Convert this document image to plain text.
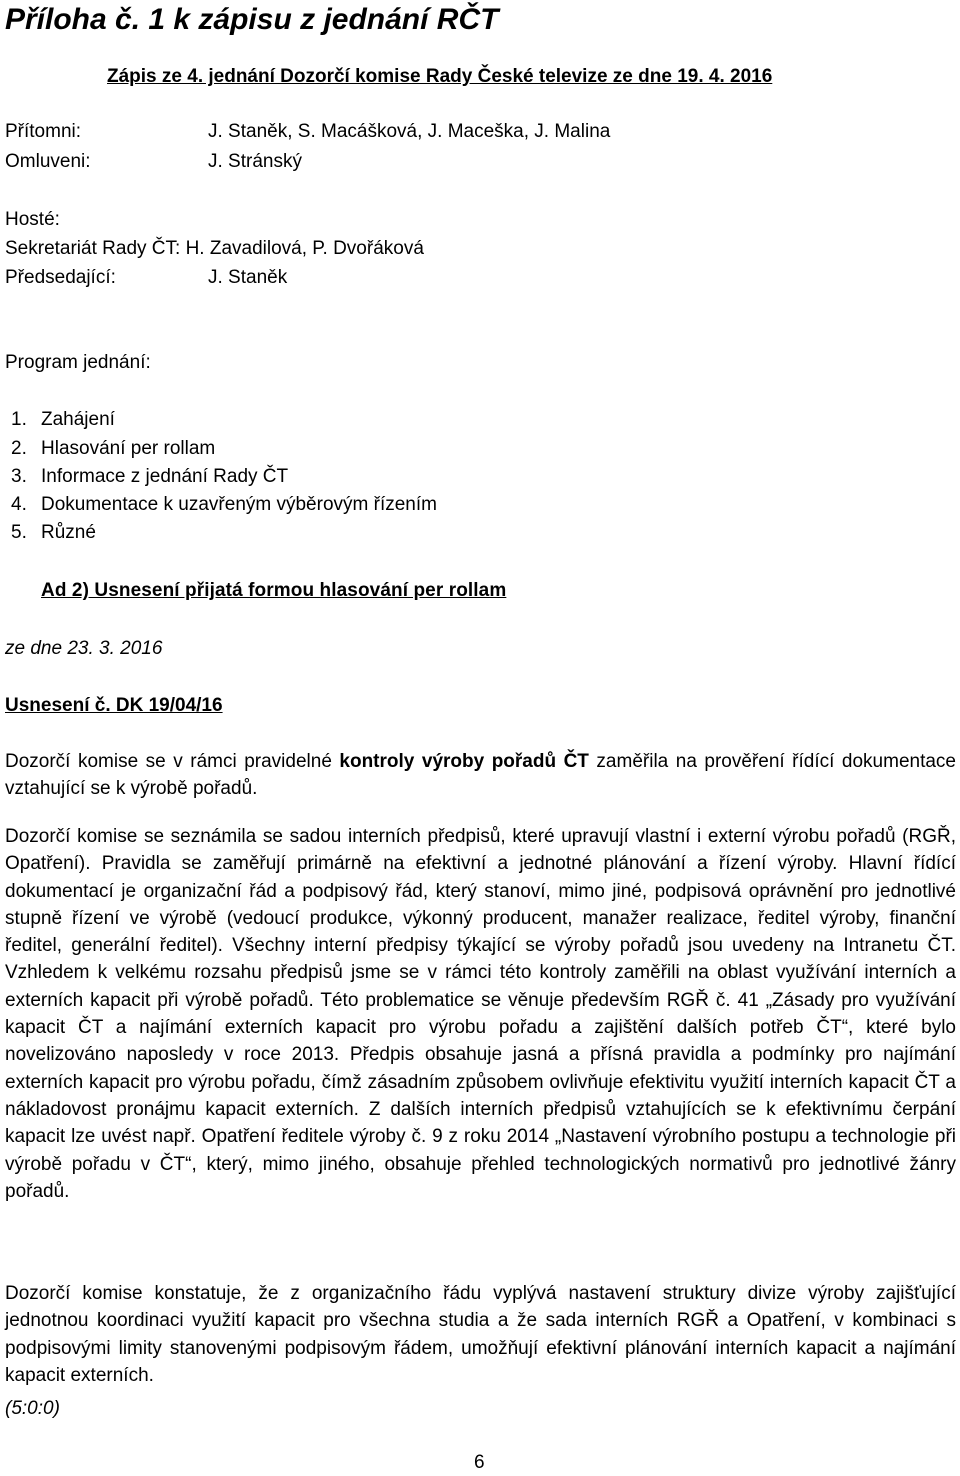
Příloha č. 1 k zápisu z jednání RČT
Zápis ze 4. jednání Dozorčí komise Rady České televize ze dne 19. 4. 2016
Přítomni:	J. Staněk, S. Macášková, J. Maceška, J. Malina
Omluveni:	J. Stránský
Hosté:
Sekretariát Rady ČT: H. Zavadilová, P. Dvořáková
Předsedající:	J. Staněk
Program jednání:
1. Zahájení
2. Hlasování per rollam
3. Informace z jednání Rady ČT
4. Dokumentace k uzavřeným výběrovým řízením
5. Různé
Ad 2) Usnesení přijatá formou hlasování per rollam
ze dne 23. 3. 2016
Usnesení č. DK 19/04/16
Dozorčí komise se v rámci pravidelné kontroly výroby pořadů ČT zaměřila na prověření řídící dokumentace vztahující se k výrobě pořadů.
Dozorčí komise se seznámila se sadou interních předpisů, které upravují vlastní i externí výrobu pořadů (RGŘ, Opatření). Pravidla se zaměřují primárně na efektivní a jednotné plánování a řízení výroby. Hlavní řídící dokumentací je organizační řád a podpisový řád, který stanoví, mimo jiné, podpisová oprávnění pro jednotlivé stupně řízení ve výrobě (vedoucí produkce, výkonný producent, manažer realizace, ředitel výroby, finanční ředitel, generální ředitel). Všechny interní předpisy týkající se výroby pořadů jsou uvedeny na Intranetu ČT. Vzhledem k velkému rozsahu předpisů jsme se v rámci této kontroly zaměřili na oblast využívání interních a externích kapacit při výrobě pořadů. Této problematice se věnuje především RGŘ č. 41 „Zásady pro využívání kapacit ČT a najímání externích kapacit pro výrobu pořadu a zajištění dalších potřeb ČT“, které bylo novelizováno naposledy v roce 2013. Předpis obsahuje jasná a přísná pravidla a podmínky pro najímání externích kapacit pro výrobu pořadu, čímž zásadním způsobem ovlivňuje efektivitu využití interních kapacit ČT a nákladovost pronájmu kapacit externích. Z dalších interních předpisů vztahujících se k efektivnímu čerpání kapacit lze uvést např. Opatření ředitele výroby č. 9 z roku 2014 „Nastavení výrobního postupu a technologie při výrobě pořadu v ČT“, který, mimo jiného, obsahuje přehled technologických normativů pro jednotlivé žánry pořadů.
Dozorčí komise konstatuje, že z organizačního řádu vyplývá nastavení struktury divize výroby zajišťující jednotnou koordinaci využití kapacit pro všechna studia a že sada interních RGŘ a Opatření, v kombinaci s podpisovými limity stanovenými podpisovým řádem, umožňují efektivní plánování interních kapacit a najímání kapacit externích.
(5:0:0)
6
